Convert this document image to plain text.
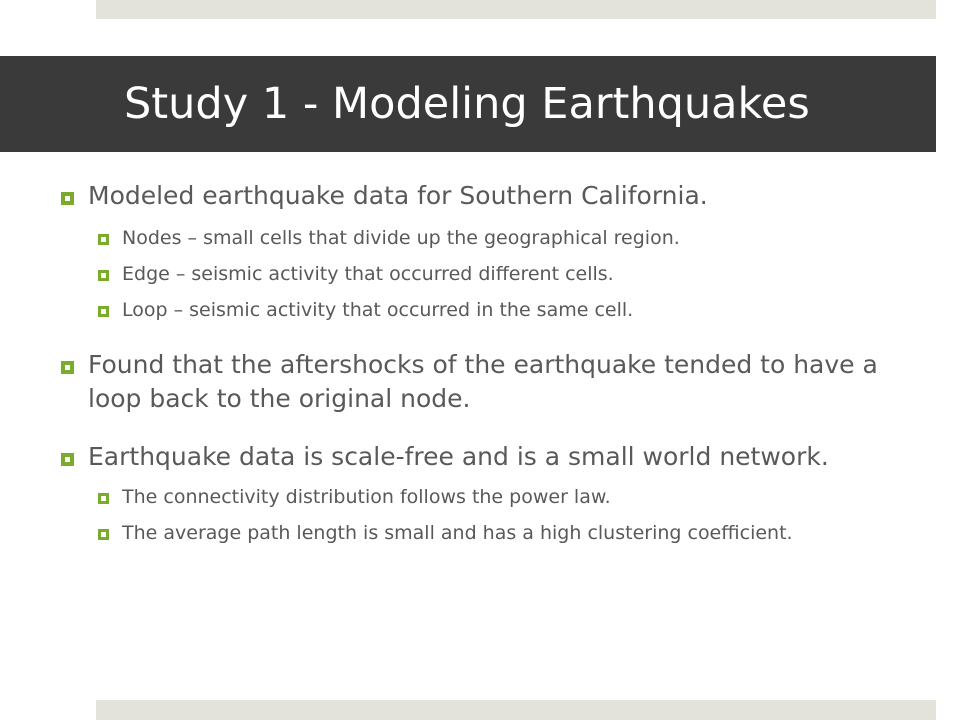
Study 1 - Modeling Earthquakes
Modeled earthquake data for Southern California.
Nodes – small cells that divide up the geographical region.
Edge – seismic activity that occurred different cells.
Loop – seismic activity that occurred in the same cell.
Found that the aftershocks of the earthquake tended to have a loop back to the original node.
Earthquake data is scale-free and is a small world network.
The connectivity distribution follows the power law.
The average path length is small and has a high clustering coefficient.
